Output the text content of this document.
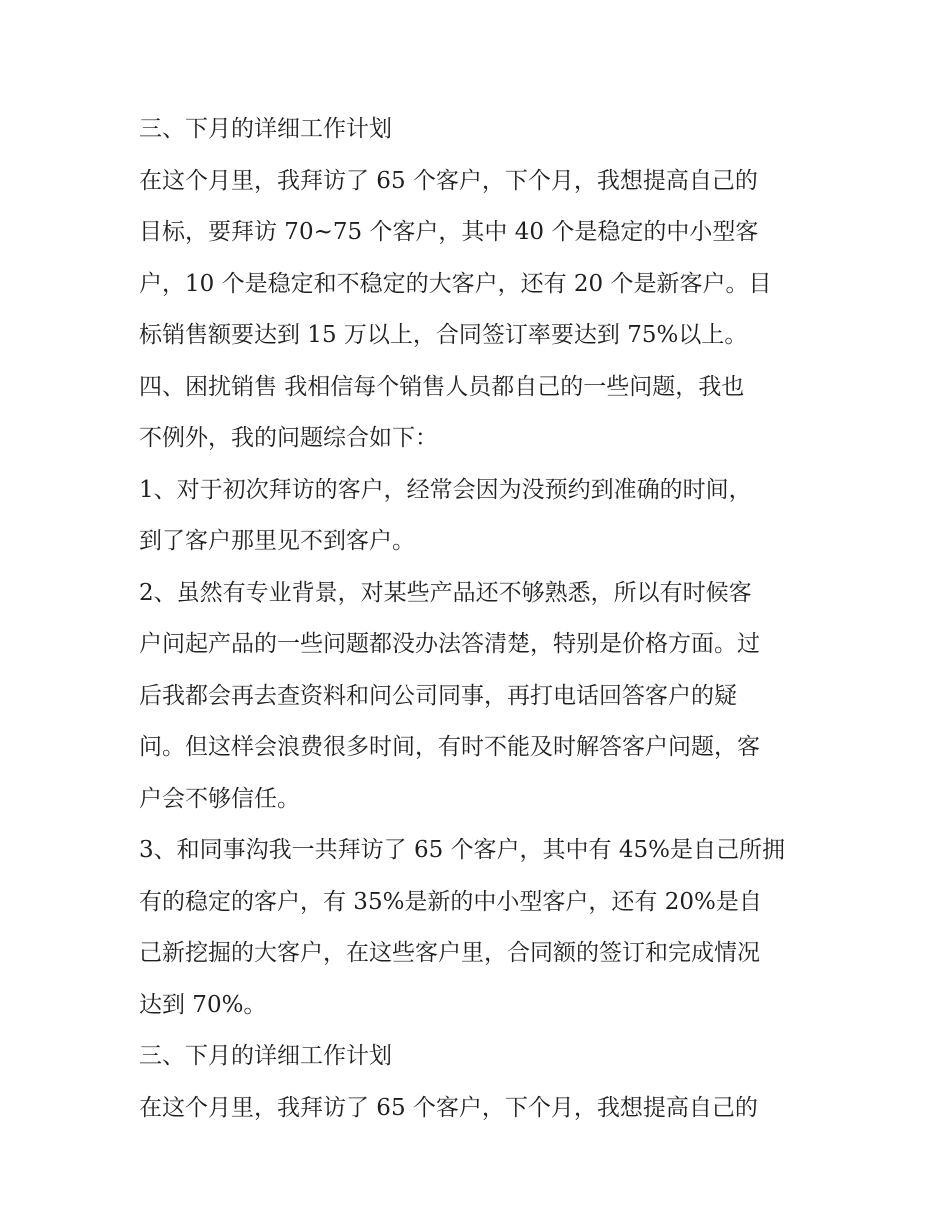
三、下月的详细工作计划
在这个月里，我拜访了 65 个客户，下个月，我想提高自己的
目标，要拜访 70~75 个客户，其中 40 个是稳定的中小型客
户，10 个是稳定和不稳定的大客户，还有 20 个是新客户。目
标销售额要达到 15 万以上，合同签订率要达到 75%以上。
四、困扰销售 我相信每个销售人员都自己的一些问题，我也
不例外，我的问题综合如下：
1、对于初次拜访的客户，经常会因为没预约到准确的时间，
到了客户那里见不到客户。
2、虽然有专业背景，对某些产品还不够熟悉，所以有时候客
户问起产品的一些问题都没办法答清楚，特别是价格方面。过
后我都会再去查资料和问公司同事，再打电话回答客户的疑
问。但这样会浪费很多时间，有时不能及时解答客户问题，客
户会不够信任。
3、和同事沟我一共拜访了 65 个客户，其中有 45%是自己所拥
有的稳定的客户，有 35%是新的中小型客户，还有 20%是自
己新挖掘的大客户，在这些客户里，合同额的签订和完成情况
达到 70%。
三、下月的详细工作计划
在这个月里，我拜访了 65 个客户，下个月，我想提高自己的
